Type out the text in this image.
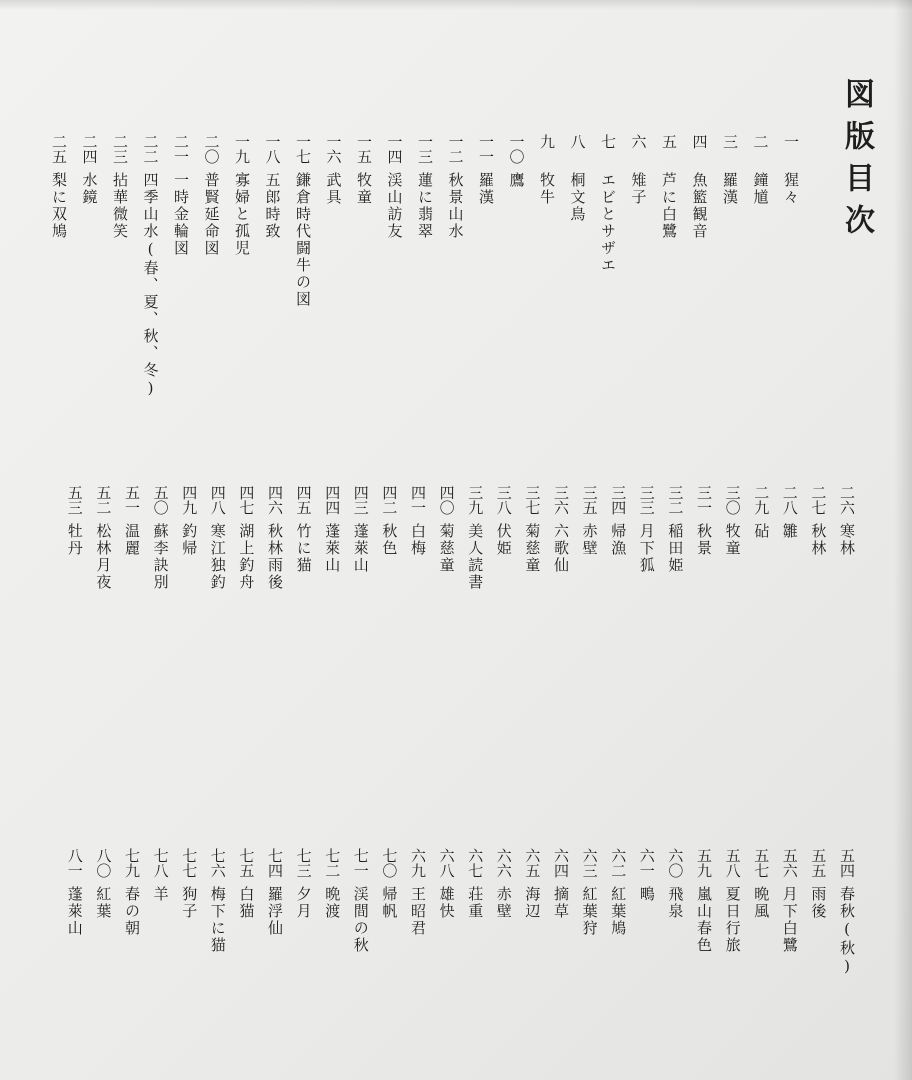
図版目次
一猩々
二鐘馗
三羅漢
四魚籃観音
五芦に白鷺
六雉子
七エビとサザエ
八桐文鳥
九牧牛
一〇鷹
一一羅漢
一二秋景山水
一三蓮に翡翠
一四渓山訪友
一五牧童
一六武具
一七鎌倉時代闘牛の図
一八五郎時致
一九寡婦と孤児
二〇普賢延命図
二一一時金輪図
二二四季山水(春、夏、秋、冬)
二三拈華微笑
二四水鏡
二五梨に双鳩
二六寒林
二七秋林
二八雛
二九砧
三〇牧童
三一秋景
三二稲田姫
三三月下狐
三四帰漁
三五赤壁
三六六歌仙
三七菊慈童
三八伏姫
三九美人読書
四〇菊慈童
四一白梅
四二秋色
四三蓬萊山
四四蓬萊山
四五竹に猫
四六秋林雨後
四七湖上釣舟
四八寒江独釣
四九釣帰
五〇蘇李訣別
五一温麗
五二松林月夜
五三牡丹
五四春秋(秋)
五五雨後
五六月下白鷺
五七晩風
五八夏日行旅
五九嵐山春色
六〇飛泉
六一鴫
六二紅葉鳩
六三紅葉狩
六四摘草
六五海辺
六六赤壁
六七荘重
六八雄快
六九王昭君
七〇帰帆
七一渓間の秋
七二晩渡
七三夕月
七四羅浮仙
七五白猫
七六梅下に猫
七七狗子
七八羊
七九春の朝
八〇紅葉
八一蓬萊山
